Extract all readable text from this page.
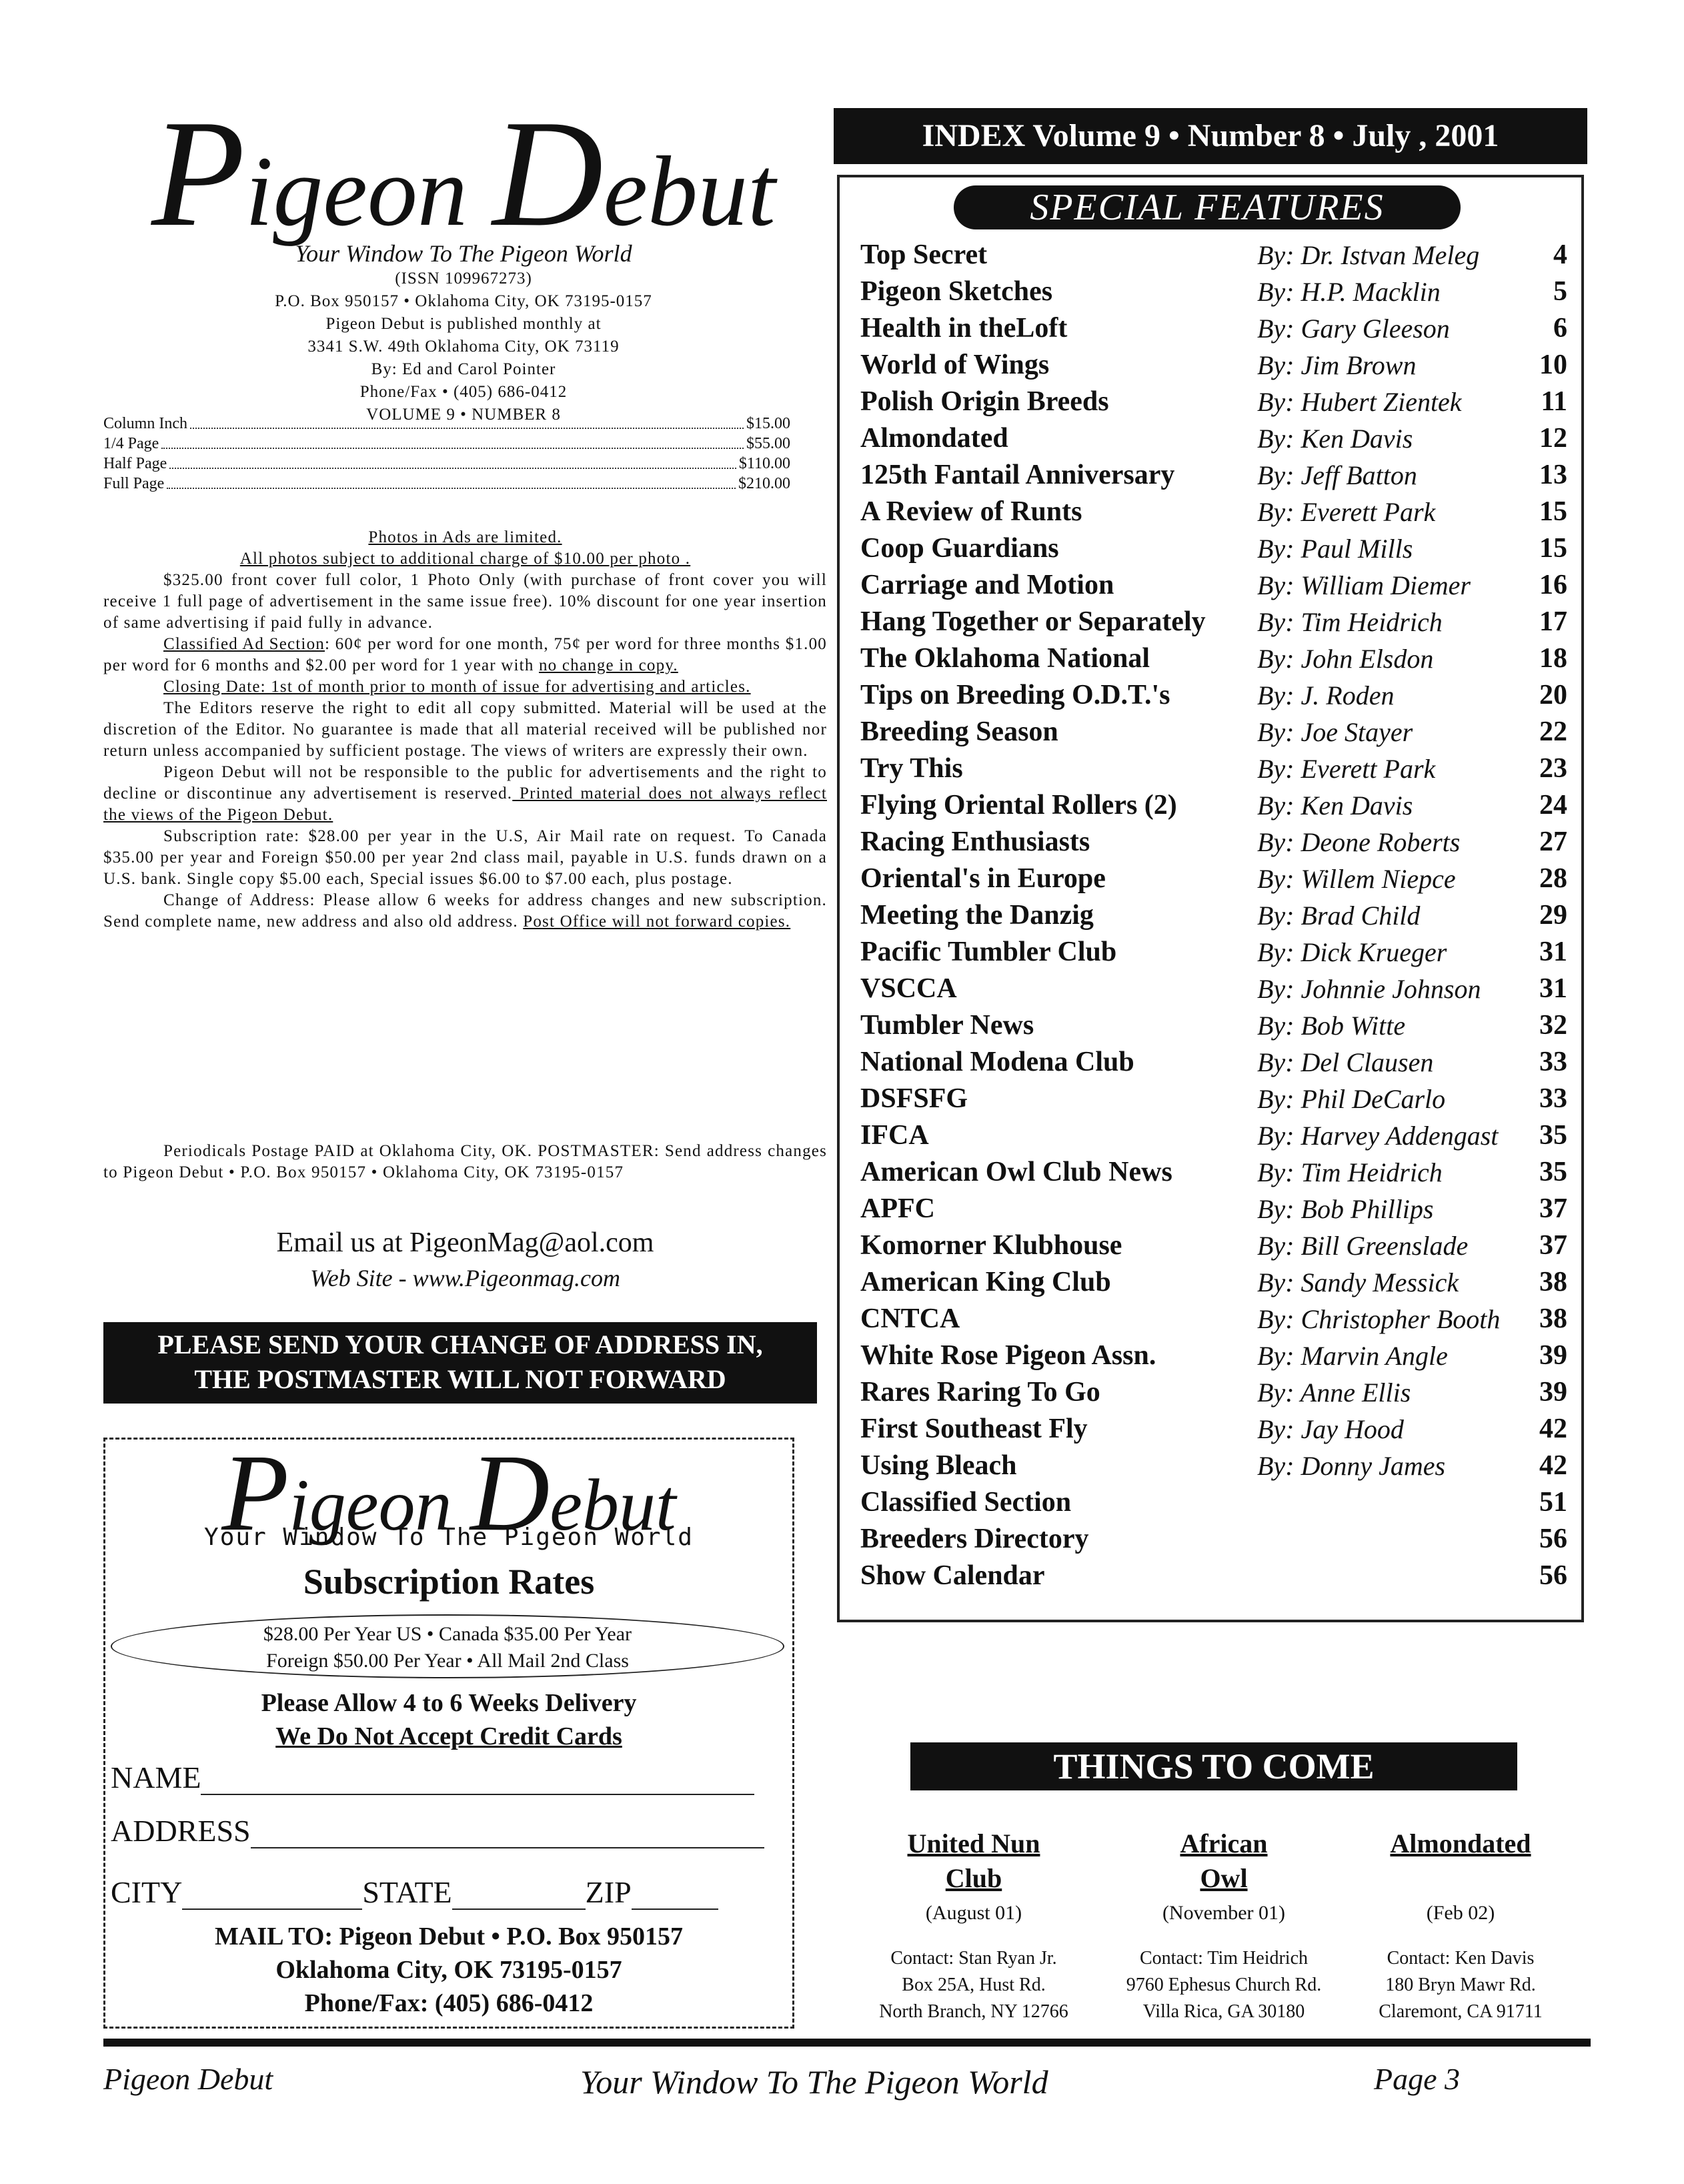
Pigeon Debut
Your Window To The Pigeon World
(ISSN 109967273)
P.O. Box 950157 • Oklahoma City, OK 73195-0157
Pigeon Debut is published monthly at
3341 S.W. 49th Oklahoma City, OK 73119
By: Ed and Carol Pointer
Phone/Fax • (405) 686-0412
VOLUME 9 • NUMBER 8
Column Inch	$15.00
1/4 Page	$55.00
Half Page	$110.00
Full Page	$210.00

Photos in Ads are limited.

All photos subject to additional charge of $10.00 per photo .

$325.00 front cover full color, 1 Photo Only (with purchase of front cover you will receive 1 full page of advertisement in the same issue free). 10% discount for one year insertion of same advertising if paid fully in advance.

Classified Ad Section: 60¢ per word for one month, 75¢ per word for three months $1.00 per word for 6 months and $2.00 per word for 1 year with no change in copy.

Closing Date: 1st of month prior to month of issue for advertising and articles.

The Editors reserve the right to edit all copy submitted. Material will be used at the discretion of the Editor. No guarantee is made that all material received will be published nor return unless accompanied by sufficient postage. The views of writers are expressly their own.

Pigeon Debut will not be responsible to the public for advertisements and the right to decline or discontinue any advertisement is reserved. Printed material does not always reflect the views of the Pigeon Debut.

Subscription rate: $28.00 per year in the U.S, Air Mail rate on request. To Canada $35.00 per year and Foreign $50.00 per year 2nd class mail, payable in U.S. funds drawn on a U.S. bank. Single copy $5.00 each, Special issues $6.00 to $7.00 each, plus postage.

Change of Address: Please allow 6 weeks for address changes and new subscription. Send complete name, new address and also old address. Post Office will not forward copies.

Periodicals Postage PAID at Oklahoma City, OK. POSTMASTER: Send address changes to Pigeon Debut • P.O. Box 950157 • Oklahoma City, OK 73195-0157

Email us at PigeonMag@aol.com
Web Site - www.Pigeonmag.com
PLEASE SEND YOUR CHANGE OF ADDRESS IN,
THE POSTMASTER WILL NOT FORWARD
Pigeon Debut
Your Window To The Pigeon World
Subscription Rates
$28.00 Per Year US • Canada $35.00 Per Year
Foreign $50.00 Per Year • All Mail 2nd Class
Please Allow 4 to 6 Weeks Delivery
We Do Not Accept Credit Cards
NAME
ADDRESS
CITY	STATE	ZIP
MAIL TO: Pigeon Debut • P.O. Box 950157
Oklahoma City, OK 73195-0157
Phone/Fax: (405) 686-0412
INDEX Volume 9 • Number 8 • July , 2001
SPECIAL FEATURES
Top Secret	By: Dr. Istvan Meleg	4
Pigeon Sketches	By: H.P. Macklin	5
Health in theLoft	By: Gary Gleeson	6
World of Wings	By: Jim Brown	10
Polish Origin Breeds	By: Hubert Zientek	11
Almondated	By: Ken Davis	12
125th Fantail Anniversary	By: Jeff Batton	13
A Review of Runts	By: Everett Park	15
Coop Guardians	By: Paul Mills	15
Carriage and Motion	By: William Diemer	16
Hang Together or Separately By: Tim Heidrich	17
The Oklahoma National	By: John Elsdon	18
Tips on Breeding O.D.T.'s	By: J. Roden	20
Breeding Season	By: Joe Stayer	22
Try This	By: Everett Park	23
Flying Oriental Rollers (2)	By: Ken Davis	24
Racing Enthusiasts	By: Deone Roberts	27
Oriental's in Europe	By: Willem Niepce	28
Meeting the Danzig	By: Brad Child	29
Pacific Tumbler Club	By: Dick Krueger	31
VSCCA	By: Johnnie Johnson	31
Tumbler News	By: Bob Witte	32
National Modena Club	By: Del Clausen	33
DSFSFG	By: Phil DeCarlo	33
IFCA	By: Harvey Addengast	35
American Owl Club News	By: Tim Heidrich	35
APFC	By: Bob Phillips	37
Komorner Klubhouse	By: Bill Greenslade	37
American King Club	By: Sandy Messick	38
CNTCA	By: Christopher Booth	38
White Rose Pigeon Assn.	By: Marvin Angle	39
Rares Raring To Go	By: Anne Ellis	39
First Southeast Fly	By: Jay Hood	42
Using Bleach	By: Donny James	42
Classified Section	51
Breeders Directory	56
Show Calendar	56
THINGS TO COME
United Nun
Club
(August 01)
Contact: Stan Ryan Jr.
Box 25A, Hust Rd.
North Branch, NY 12766
African
Owl
(November 01)
Contact: Tim Heidrich
9760 Ephesus Church Rd.
Villa Rica, GA 30180
Almondated
(Feb 02)
Contact: Ken Davis
180 Bryn Mawr Rd.
Claremont, CA 91711
Pigeon Debut	Your Window To The Pigeon World	Page 3
